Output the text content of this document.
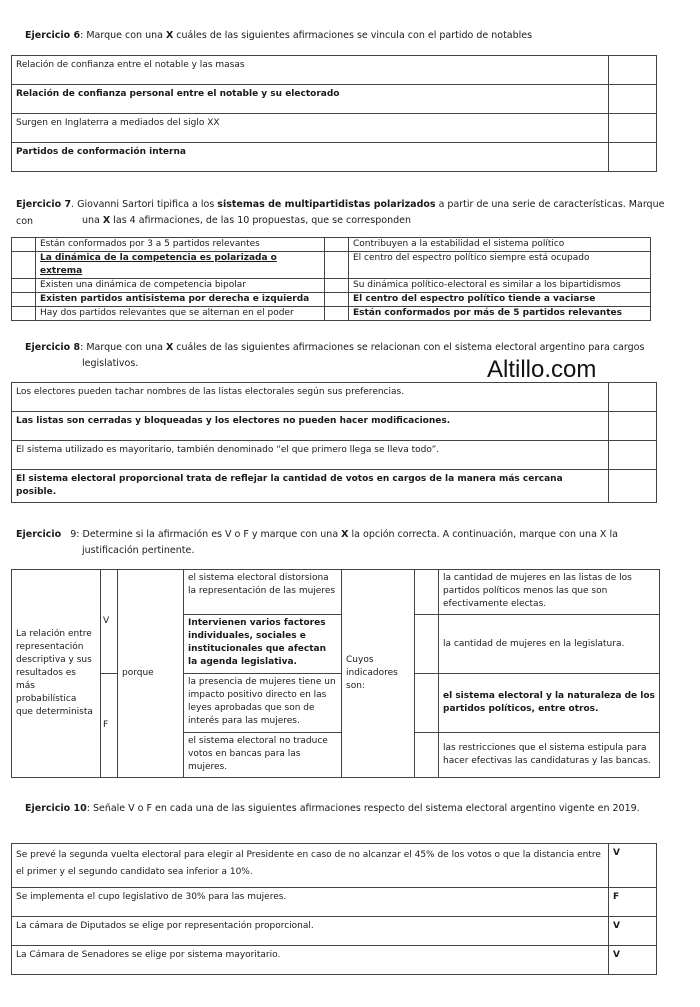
Ejercicio 6: Marque con una X cuáles de las siguientes afirmaciones se vincula con el partido de notables
Relación de confianza entre el notable y las masas	
Relación de confianza personal entre el notable y su electorado	
Surgen en Inglaterra a mediados del siglo XX	
Partidos de conformación interna	
Ejercicio 7. Giovanni Sartori tipifica a los sistemas de multipartidistas polarizados a partir de una serie de características. Marque con	una X las 4 afirmaciones, de las 10 propuestas, que se corresponden
	Están conformados por 3 a 5 partidos relevantes		Contribuyen a la estabilidad el sistema político
	La dinámica de la competencia es polarizada o extrema		El centro del espectro político siempre está ocupado
	Existen una dinámica de competencia bipolar		Su dinámica político-electoral es similar a los bipartidismos
	Existen partidos antisistema por derecha e izquierda		El centro del espectro político tiende a vaciarse
	Hay dos partidos relevantes que se alternan en el poder		Están conformados por más de 5 partidos relevantes
Ejercicio 8: Marque con una X cuáles de las siguientes afirmaciones se relacionan con el sistema electoral argentino para cargos
legislativos.	Altillo.com
Los electores pueden tachar nombres de las listas electorales según sus preferencias.	
Las listas son cerradas y bloqueadas y los electores no pueden hacer modificaciones.	
El sistema utilizado es mayoritario, también denominado “el que primero llega se lleva todo”.	
El sistema electoral proporcional trata de reflejar la cantidad de votos en cargos de la manera más cercana posible.	
Ejercicio 9: Determine si la afirmación es V o F y marque con una X la opción correcta. A continuación, marque con una X la
justificación pertinente.
La relación entre representación descriptiva y sus resultados es más probabilística que determinista	V	porque	el sistema electoral distorsiona la representación de las mujeres	Cuyos indicadores son:		la cantidad de mujeres en las listas de los partidos políticos menos las que son efectivamente electas.
			Intervienen varios factores individuales, sociales e institucionales que afectan la agenda legislativa.			la cantidad de mujeres en la legislatura.
	F		la presencia de mujeres tiene un impacto positivo directo en las leyes aprobadas que son de interés para las mujeres.			el sistema electoral y la naturaleza de los partidos políticos, entre otros.
			el sistema electoral no traduce votos en bancas para las mujeres.			las restricciones que el sistema estipula para hacer efectivas las candidaturas y las bancas.
Ejercicio 10: Señale V o F en cada una de las siguientes afirmaciones respecto del sistema electoral argentino vigente en 2019.
Se prevé la segunda vuelta electoral para elegir al Presidente en caso de no alcanzar el 45% de los votos o que la distancia entre el primer y el segundo candidato sea inferior a 10%.	V
Se implementa el cupo legislativo de 30% para las mujeres.	F
La cámara de Diputados se elige por representación proporcional.	V
La Cámara de Senadores se elige por sistema mayoritario.	V
